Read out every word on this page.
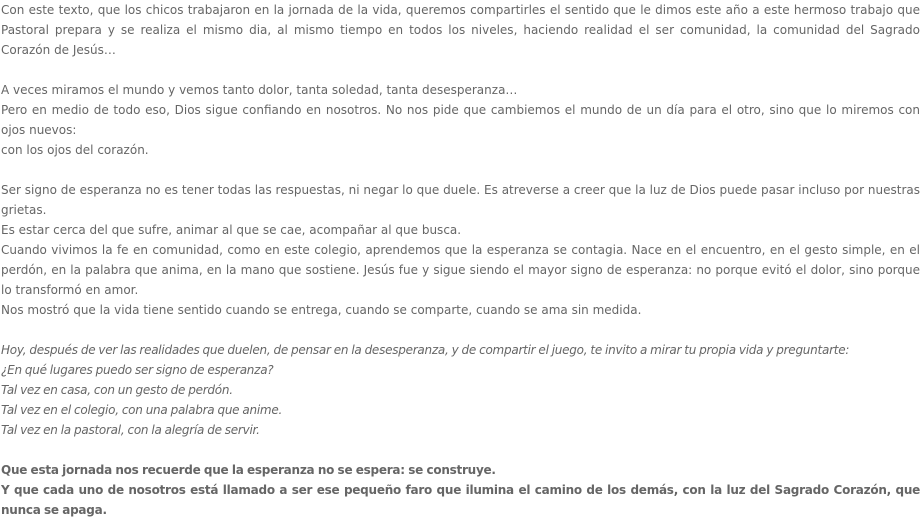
Con este texto, que los chicos trabajaron en la jornada de la vida, queremos compartirles el sentido que le dimos este año a este hermoso trabajo que Pastoral prepara y se realiza el mismo dia, al mismo tiempo en todos los niveles, haciendo realidad el ser comunidad, la comunidad del Sagrado Corazón de Jesús…

A veces miramos el mundo y vemos tanto dolor, tanta soledad, tanta desesperanza…
Pero en medio de todo eso, Dios sigue confiando en nosotros. No nos pide que cambiemos el mundo de un día para el otro, sino que lo miremos con ojos nuevos:
con los ojos del corazón.

Ser signo de esperanza no es tener todas las respuestas, ni negar lo que duele. Es atreverse a creer que la luz de Dios puede pasar incluso por nuestras grietas.
Es estar cerca del que sufre, animar al que se cae, acompañar al que busca.
Cuando vivimos la fe en comunidad, como en este colegio, aprendemos que la esperanza se contagia. Nace en el encuentro, en el gesto simple, en el perdón, en la palabra que anima, en la mano que sostiene. Jesús fue y sigue siendo el mayor signo de esperanza: no porque evitó el dolor, sino porque lo transformó en amor.
Nos mostró que la vida tiene sentido cuando se entrega, cuando se comparte, cuando se ama sin medida.

Hoy, después de ver las realidades que duelen, de pensar en la desesperanza, y de compartir el juego, te invito a mirar tu propia vida y preguntarte:
¿En qué lugares puedo ser signo de esperanza?
Tal vez en casa, con un gesto de perdón.
Tal vez en el colegio, con una palabra que anime.
Tal vez en la pastoral, con la alegría de servir.

Que esta jornada nos recuerde que la esperanza no se espera: se construye.
Y que cada uno de nosotros está llamado a ser ese pequeño faro que ilumina el camino de los demás, con la luz del Sagrado Corazón, que nunca se apaga.
